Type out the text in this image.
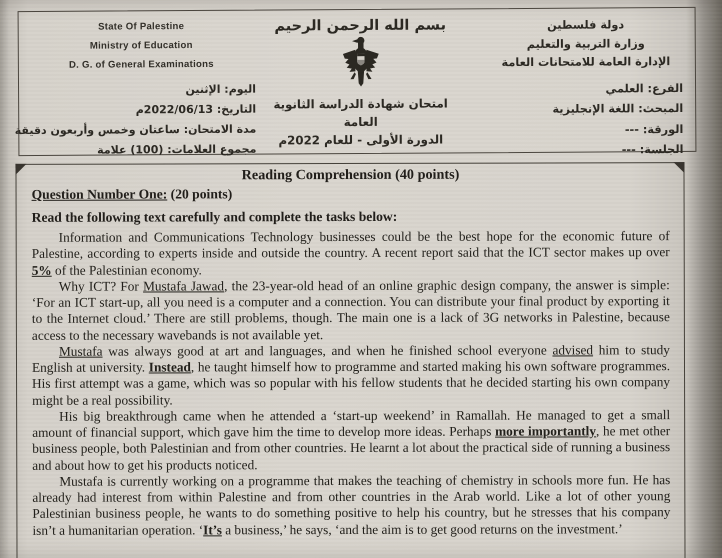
State Of Palestine
Ministry of Education
D. G. of General Examinations
اليوم: الإثنين
التاريخ: 2022/06/13م
مدة الامتحان: ساعتان وخمس وأربعون دقيقة
مجموع العلامات: (100) علامة
بسم الله الرحمن الرحيم
امتحان شهادة الدراسة الثانوية العامة
الدورة الأولى - للعام 2022م
دولة فلسطين
وزارة التربية والتعليم
الإدارة العامة للامتحانات العامة
الفرع: العلمي
المبحث: اللغة الإنجليزية
الورقة: ---
الجلسة: ---
Reading Comprehension (40 points)
Question Number One: (20 points)
Read the following text carefully and complete the tasks below:

Information and Communications Technology businesses could be the best hope for the economic future of Palestine, according to experts inside and outside the country. A recent report said that the ICT sector makes up over 5% of the Palestinian economy.

Why ICT? For Mustafa Jawad, the 23-year-old head of an online graphic design company, the answer is simple: ‘For an ICT start-up, all you need is a computer and a connection. You can distribute your final product by exporting it to the Internet cloud.’ There are still problems, though. The main one is a lack of 3G networks in Palestine, because access to the necessary wavebands is not available yet.

Mustafa was always good at art and languages, and when he finished school everyone advised him to study English at university. Instead, he taught himself how to programme and started making his own software programmes. His first attempt was a game, which was so popular with his fellow students that he decided starting his own company might be a real possibility.

His big breakthrough came when he attended a ‘start-up weekend’ in Ramallah. He managed to get a small amount of financial support, which gave him the time to develop more ideas. Perhaps more importantly, he met other business people, both Palestinian and from other countries. He learnt a lot about the practical side of running a business and about how to get his products noticed.

Mustafa is currently working on a programme that makes the teaching of chemistry in schools more fun. He has already had interest from within Palestine and from other countries in the Arab world. Like a lot of other young Palestinian business people, he wants to do something positive to help his country, but he stresses that his company isn’t a humanitarian operation. ‘It’s a business,’ he says, ‘and the aim is to get good returns on the investment.’
